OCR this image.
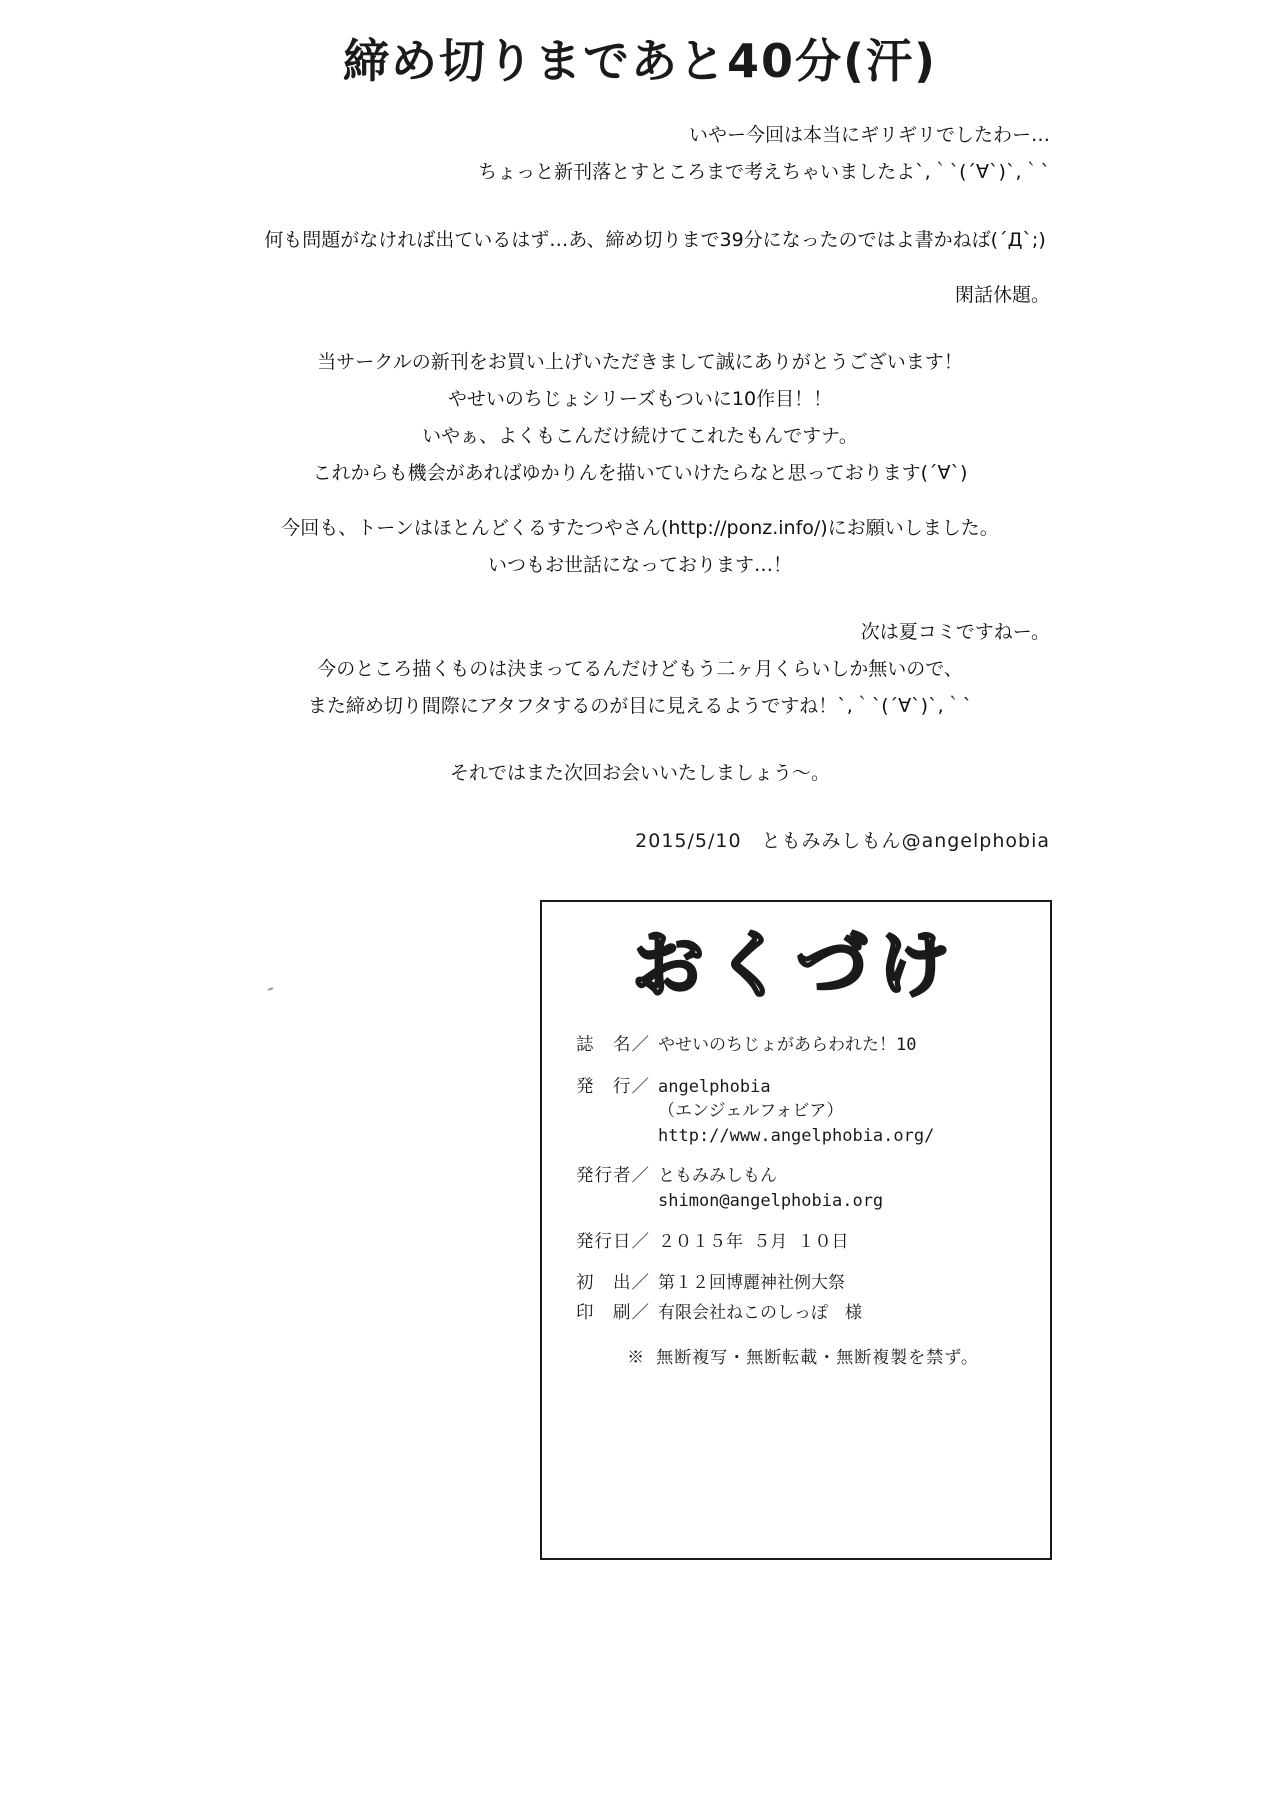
締め切りまであと40分(汗)

いやー今回は本当にギリギリでしたわー…

ちょっと新刊落とすところまで考えちゃいましたよ`,｀`(´∀`)`,｀`

何も問題がなければ出ているはず…あ、締め切りまで39分になったのではよ書かねば(´Д`;)

閑話休題。

当サークルの新刊をお買い上げいただきまして誠にありがとうございます！

やせいのちじょシリーズもついに10作目！！

いやぁ、よくもこんだけ続けてこれたもんですナ。

これからも機会があればゆかりんを描いていけたらなと思っております(´∀`)

今回も、トーンはほとんどくるすたつやさん(http://ponz.info/)にお願いしました。

いつもお世話になっております…！

次は夏コミですねー。

今のところ描くものは決まってるんだけどもう二ヶ月くらいしか無いので、

また締め切り間際にアタフタするのが目に見えるようですね！`,｀`(´∀`)`,｀`

それではまた次回お会いいたしましょう～。

2015/5/10　ともみみしもん@angelphobia
おくづけ
誌　名／ やせいのちじょがあらわれた！10
発　行／ angelphobia
（エンジェルフォビア）
http://www.angelphobia.org/
発行者／ ともみみしもん
shimon@angelphobia.org
発行日／ ２０１５年 ５月 １０日
初　出／ 第１２回博麗神社例大祭
印　刷／ 有限会社ねこのしっぽ　様
※ 無断複写・無断転載・無断複製を禁ず。
